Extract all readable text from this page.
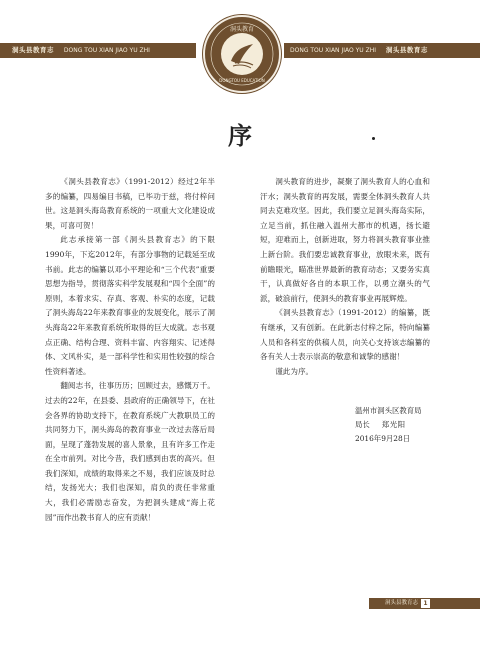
洞头县教育志 DONG TOU XIAN JIAO YU ZHI	DONG TOU XIAN JIAO YU ZHI 洞头县教育志
洞头教育
DONGTOU EDUCATION
序

《洞头县教育志》（1991-2012）经过2年半多的编纂，四易编目书稿，已毕功于兹，将付梓问世。这是洞头海岛教育系统的一项重大文化建设成果，可喜可贺！

此志承接第一部《洞头县教育志》的下限1990年，下迄2012年，有部分事物的记载延至成书前。此志的编纂以邓小平理论和“三个代表”重要思想为指导，贯彻落实科学发展观和“四个全面”的原则，本着求实、存真、客观、朴实的态度，记载了洞头海岛22年来教育事业的发展变化，展示了洞头海岛22年来教育系统所取得的巨大成就。志书观点正确、结构合理、资料丰富、内容翔实、记述得体、文风朴实，是一部科学性和实用性较强的综合性资料著述。

翻阅志书，往事历历；回顾过去，感慨万千。过去的22年，在县委、县政府的正确领导下，在社会各界的协助支持下，在教育系统广大教职员工的共同努力下，洞头海岛的教育事业一改过去落后局面，呈现了蓬勃发展的喜人景象，且有许多工作走在全市前列。对比今昔，我们感到由衷的高兴。但我们深知，成绩的取得来之不易，我们应该及时总结，发扬光大；我们也深知，肩负的责任非常重大，我们必需励志奋发，为把洞头建成“海上花园”而作出教书育人的应有贡献！

洞头教育的进步，凝聚了洞头教育人的心血和汗水；洞头教育的再发展，需要全体洞头教育人共同去克难攻坚。因此，我们要立足洞头海岛实际，立足当前，抓住融入温州大都市的机遇，扬长避短，迎难而上，创新进取，努力将洞头教育事业推上新台阶。我们要忠诚教育事业，放眼未来，既有前瞻眼光，瞄准世界最新的教育动态；又要务实真干，认真做好各自的本职工作，以勇立潮头的气派，破浪前行，使洞头的教育事业再展辉煌。

《洞头县教育志》（1991-2012）的编纂，既有继承，又有创新。在此新志付梓之际，特向编纂人员和各科室的供稿人员，向关心支持该志编纂的各有关人士表示崇高的敬意和诚挚的感谢！

谨此为序。

温州市洞头区教育局
局长 郑光阳
2016年9月28日
洞头县教育志 1
